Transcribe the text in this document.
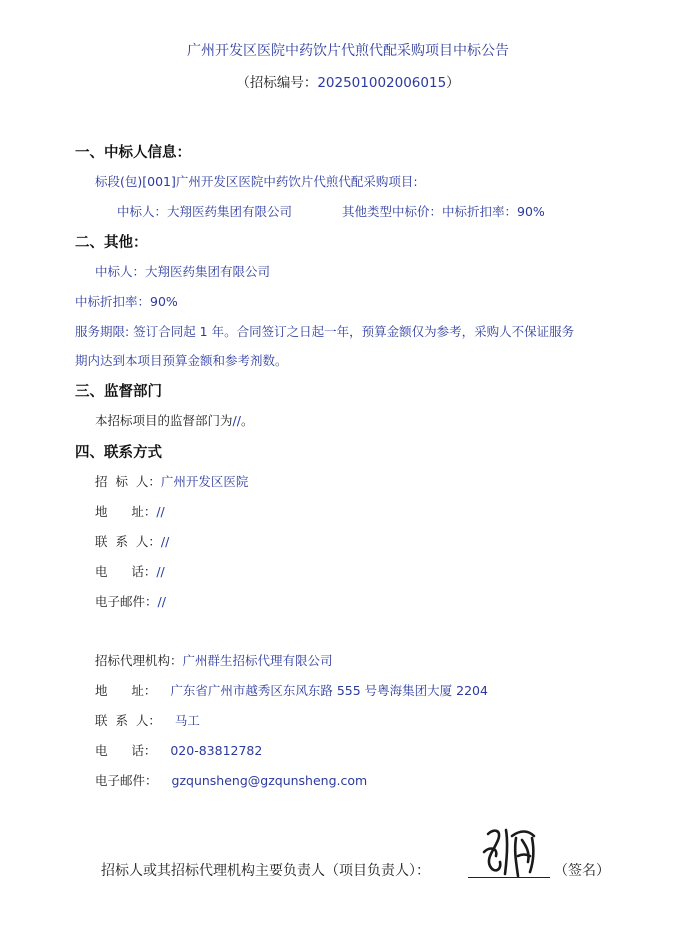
广州开发区医院中药饮片代煎代配采购项目中标公告
（招标编号：202501002006015）
一、中标人信息：
标段(包)[001]广州开发区医院中药饮片代煎代配采购项目:
中标人：大翔医药集团有限公司	其他类型中标价：中标折扣率：90%
二、其他：
中标人：大翔医药集团有限公司
中标折扣率：90%
服务期限: 签订合同起 1 年。合同签订之日起一年，预算金额仅为参考，采购人不保证服务
期内达到本项目预算金额和参考剂数。
三、监督部门
本招标项目的监督部门为//。
四、联系方式
招  标  人：广州开发区医院
地      址：//
联  系  人：//
电      话：//
电子邮件：//
招标代理机构：广州群生招标代理有限公司
地      址： 广东省广州市越秀区东风东路 555 号粤海集团大厦 2204
联  系  人： 马工
电      话： 020-83812782
电子邮件： gzqunsheng@gzqunsheng.com
招标人或其招标代理机构主要负责人（项目负责人）：	（签名）
